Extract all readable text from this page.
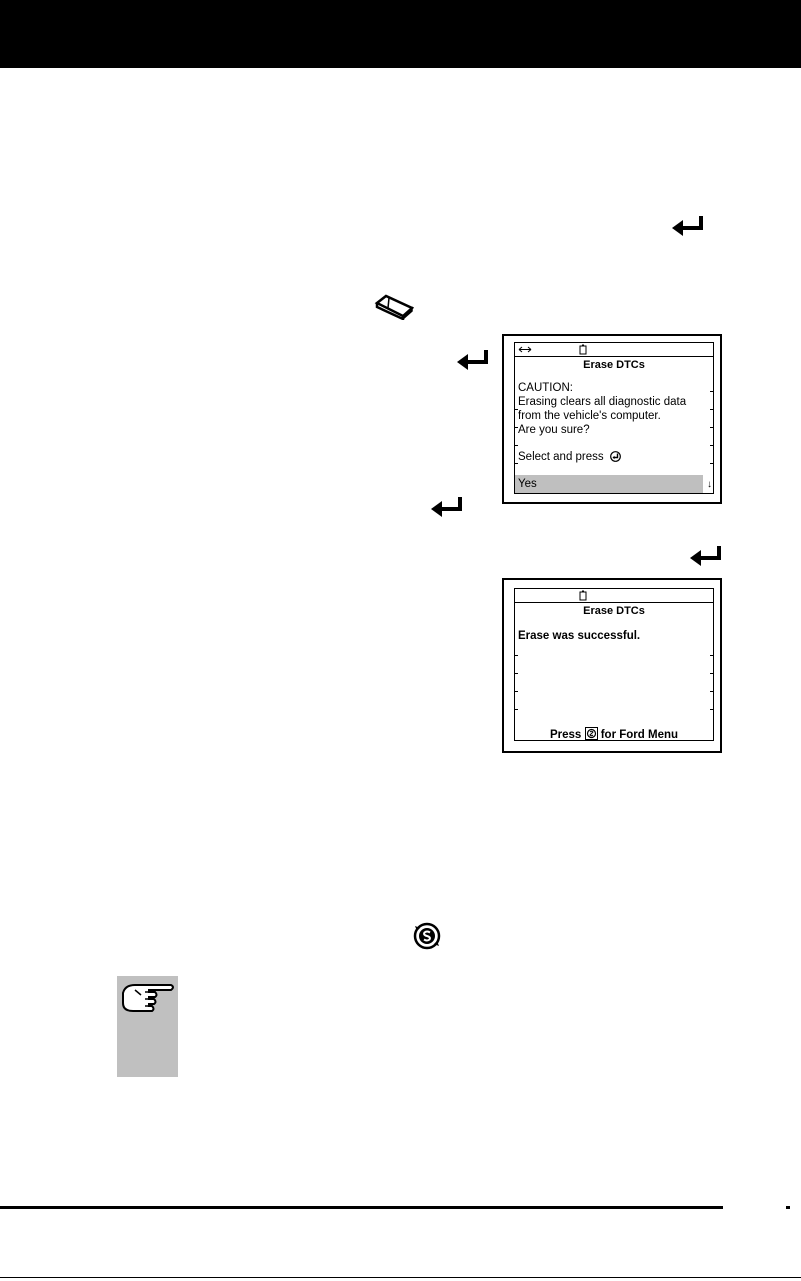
Erase DTCs
CAUTION:
Erasing clears all diagnostic data
from the vehicle's computer.
Are you sure?
Select and press
Yes	↓
Erase DTCs
Erase was successful.
Press for Ford Menu
